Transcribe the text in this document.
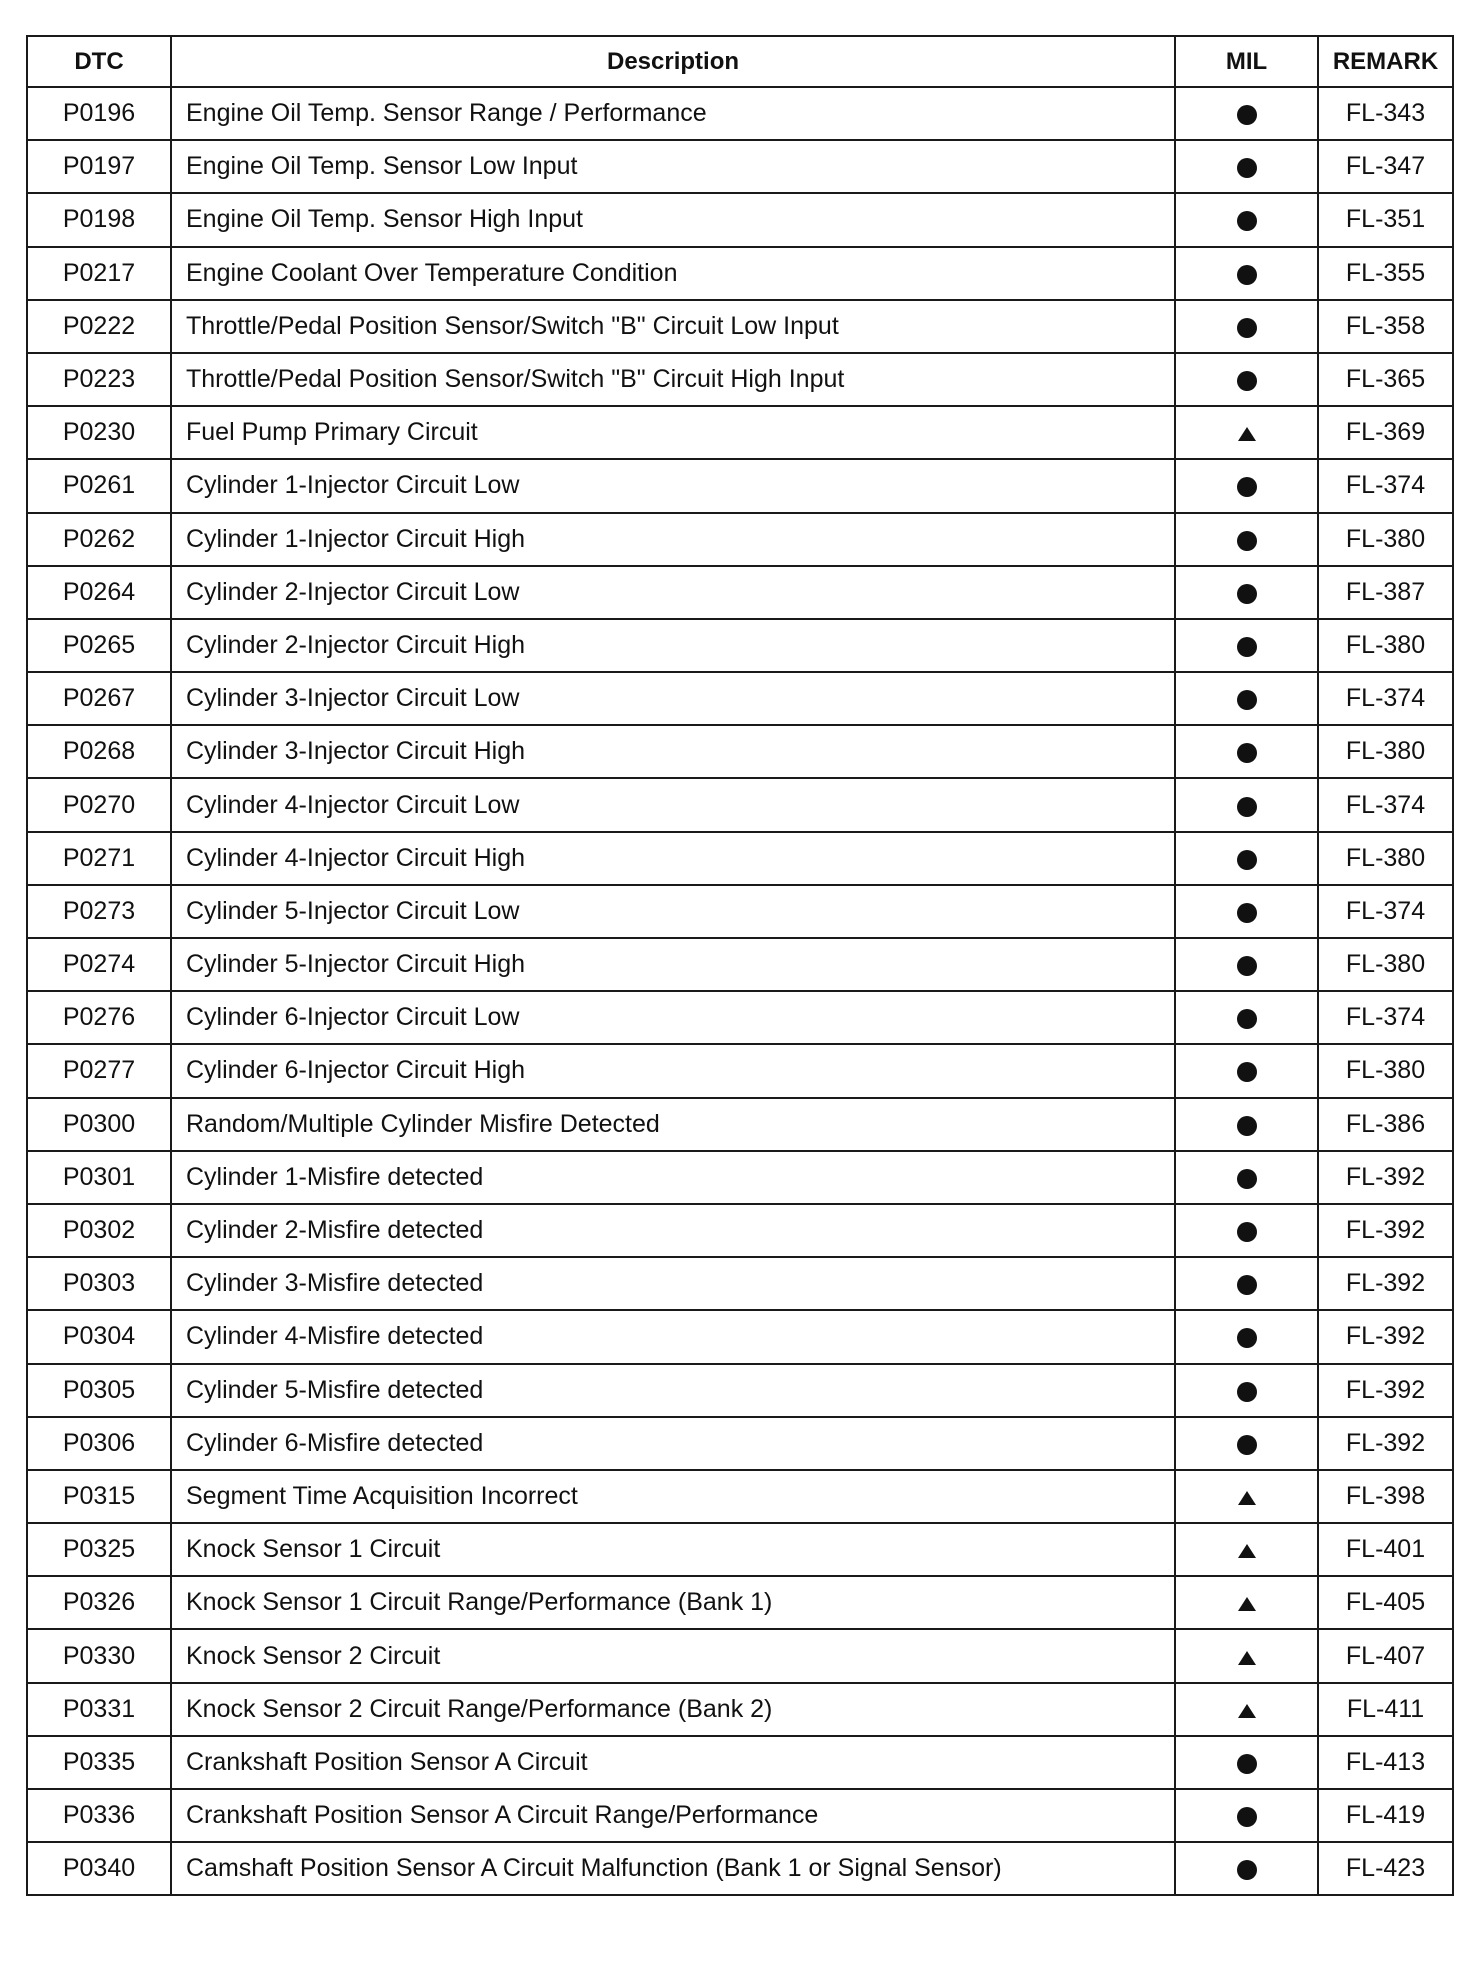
DTC	Description	MIL	REMARK
P0196	Engine Oil Temp. Sensor Range / Performance		FL-343
P0197	Engine Oil Temp. Sensor Low Input		FL-347
P0198	Engine Oil Temp. Sensor High Input		FL-351
P0217	Engine Coolant Over Temperature Condition		FL-355
P0222	Throttle/Pedal Position Sensor/Switch "B" Circuit Low Input		FL-358
P0223	Throttle/Pedal Position Sensor/Switch "B" Circuit High Input		FL-365
P0230	Fuel Pump Primary Circuit		FL-369
P0261	Cylinder 1-Injector Circuit Low		FL-374
P0262	Cylinder 1-Injector Circuit High		FL-380
P0264	Cylinder 2-Injector Circuit Low		FL-387
P0265	Cylinder 2-Injector Circuit High		FL-380
P0267	Cylinder 3-Injector Circuit Low		FL-374
P0268	Cylinder 3-Injector Circuit High		FL-380
P0270	Cylinder 4-Injector Circuit Low		FL-374
P0271	Cylinder 4-Injector Circuit High		FL-380
P0273	Cylinder 5-Injector Circuit Low		FL-374
P0274	Cylinder 5-Injector Circuit High		FL-380
P0276	Cylinder 6-Injector Circuit Low		FL-374
P0277	Cylinder 6-Injector Circuit High		FL-380
P0300	Random/Multiple Cylinder Misfire Detected		FL-386
P0301	Cylinder 1-Misfire detected		FL-392
P0302	Cylinder 2-Misfire detected		FL-392
P0303	Cylinder 3-Misfire detected		FL-392
P0304	Cylinder 4-Misfire detected		FL-392
P0305	Cylinder 5-Misfire detected		FL-392
P0306	Cylinder 6-Misfire detected		FL-392
P0315	Segment Time Acquisition Incorrect		FL-398
P0325	Knock Sensor 1 Circuit		FL-401
P0326	Knock Sensor 1 Circuit Range/Performance (Bank 1)		FL-405
P0330	Knock Sensor 2 Circuit		FL-407
P0331	Knock Sensor 2 Circuit Range/Performance (Bank 2)		FL-411
P0335	Crankshaft Position Sensor A Circuit		FL-413
P0336	Crankshaft Position Sensor A Circuit Range/Performance		FL-419
P0340	Camshaft Position Sensor A Circuit Malfunction (Bank 1 or Signal Sensor)		FL-423
